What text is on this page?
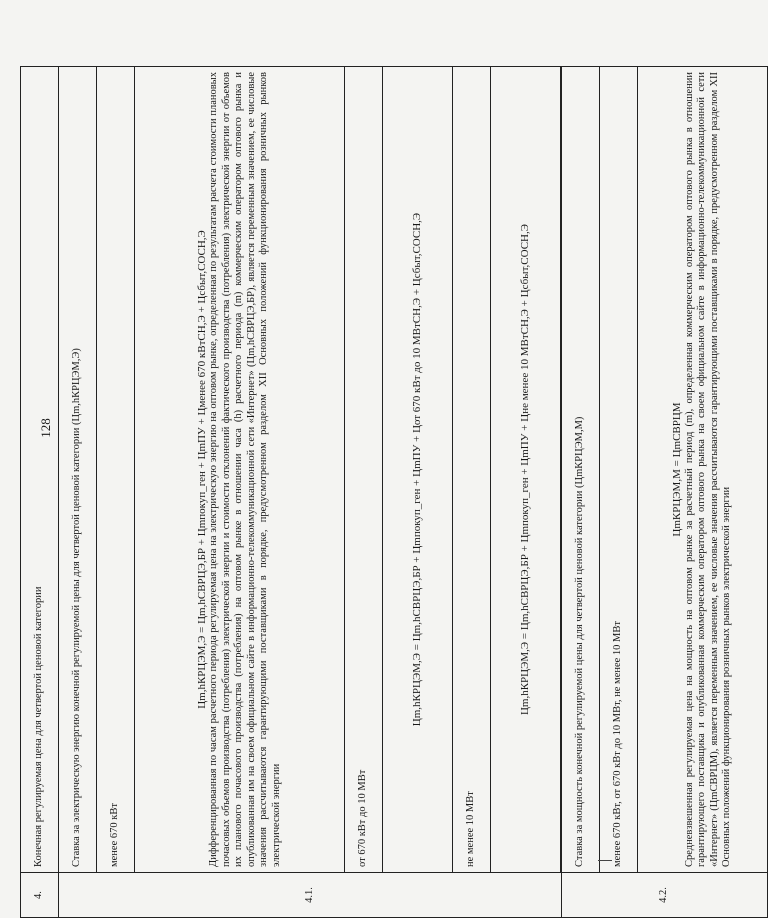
128
4.	Конечная регулируемая цена для четвертой ценовой категории
4.1.	Ставка за электрическую энергию конечной регулируемой цены для четвертой ценовой категории (Цm,hКРЦЭМ,Э)
	менее 670 кВт

	Цm,hКРЦЭМ,Э = Цm,hСВРЦЭ,БР + Цmпокуп_ген + ЦmПУ + Цменее 670 кВтСН,Э + Цсбыт,СОСН,Э Дифференцированная по часам расчетного периода регулируемая цена на электрическую энергию на оптовом рынке, определенная по результатам расчета стоимости плановых почасовых объемов производства (потребления) электрической энергии и стоимости отклонений фактического производства (потребления) электрической энергии от объемов их планового почасового производства (потребления) на оптовом рынке в отношении часа (h) расчетного периода (m) коммерческим оператором оптового рынка и опубликованная им на своем официальном сайте в информационно-телекоммуникационной сети «Интернет» (Цm,hСВРЦЭ,БР), является переменным значением, ее числовые значения рассчитываются гарантирующими поставщиками в порядке, предусмотренном разделом XII Основных положений функционирования розничных рынков электрической энергии

	от 670 кВт до 10 МВт
	Цm,hКРЦЭМ,Э = Цm,hСВРЦЭ,БР + Цmпокуп_ген + ЦmПУ + Цот 670 кВт до 10 МВтСН,Э + Цсбыт,СОСН,Э
	не менее 10 МВт
	Цm,hКРЦЭМ,Э = Цm,hСВРЦЭ,БР + Цmпокуп_ген + ЦmПУ + Цне менее 10 МВтСН,Э + Цсбыт,СОСН,Э

4.2.	Ставка за мощность конечной регулируемой цены для четвертой ценовой категории (ЦmКРЦЭМ,М)
	менее 670 кВт, от 670 кВт до 10 МВт, не менее 10 МВт

	ЦmКРЦЭМ,М = ЦmСВРЦМ Средневзвешенная регулируемая цена на мощность на оптовом рынке за расчетный период (m), определенная коммерческим оператором оптового рынка в отношении гарантирующего поставщика и опубликованная коммерческим оператором оптового рынка на своем официальном сайте в информационно-телекоммуникационной сети «Интернет» (ЦmСВРЦМ), является переменным значением, ее числовые значения рассчитываются гарантирующими поставщиками в порядке, предусмотренном разделом XII Основных положений функционирования розничных рынков электрической энергии
